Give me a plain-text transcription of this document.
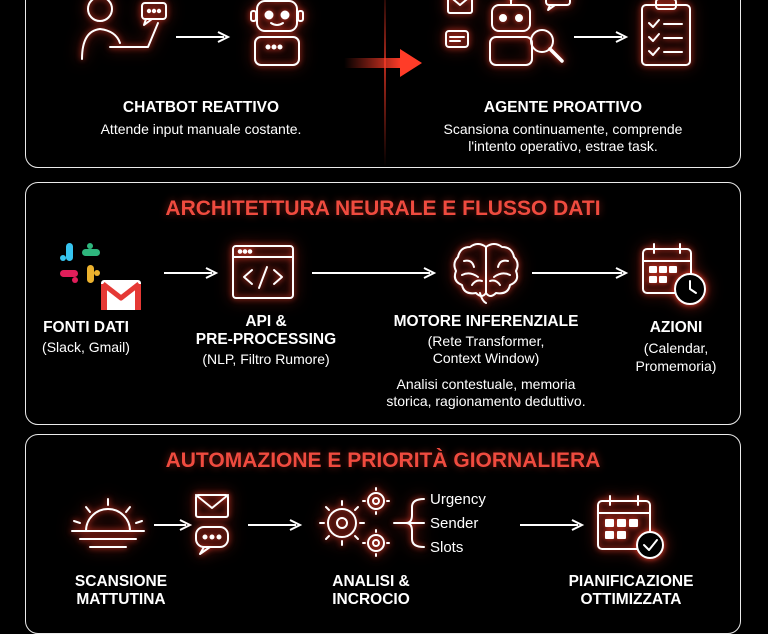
CHATBOT REATTIVO
Attende input manuale costante.
AGENTE PROATTIVO
Scansiona continuamente, comprende
l'intento operativo, estrae task.
ARCHITETTURA NEURALE E FLUSSO DATI
FONTI DATI
(Slack, Gmail)
API &
PRE-PROCESSING
(NLP, Filtro Rumore)
MOTORE INFERENZIALE
(Rete Transformer,
Context Window)
Analisi contestuale, memoria
storica, ragionamento deduttivo.
AZIONI
(Calendar,
Promemoria)
AUTOMAZIONE E PRIORITÀ GIORNALIERA
Urgency
Sender
Slots
SCANSIONE
MATTUTINA
ANALISI &
INCROCIO
PIANIFICAZIONE
OTTIMIZZATA
